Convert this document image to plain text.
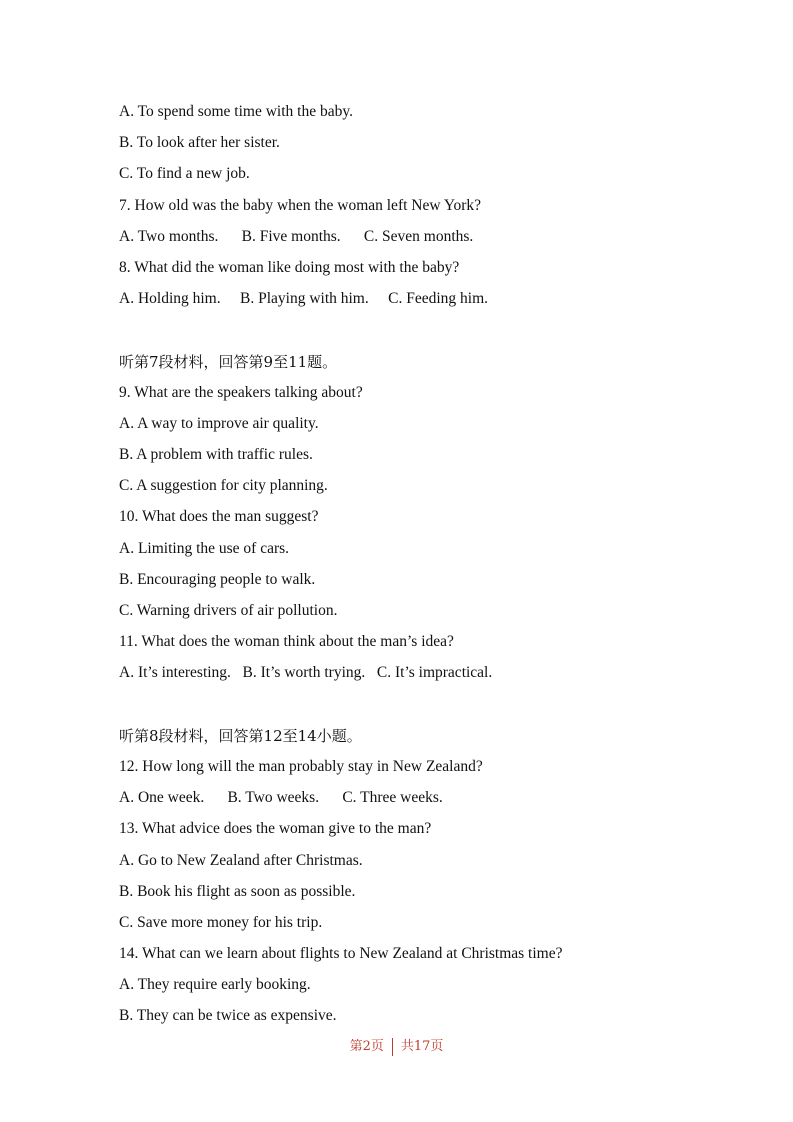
A. To spend some time with the baby.
B. To look after her sister.
C. To find a new job.
7. How old was the baby when the woman left New York?
A. Two months.      B. Five months.      C. Seven months.
8. What did the woman like doing most with the baby?
A. Holding him.     B. Playing with him.     C. Feeding him.
听第7段材料，回答第9至11题。
9. What are the speakers talking about?
A. A way to improve air quality.
B. A problem with traffic rules.
C. A suggestion for city planning.
10. What does the man suggest?
A. Limiting the use of cars.
B. Encouraging people to walk.
C. Warning drivers of air pollution.
11. What does the woman think about the man’s idea?
A. It’s interesting.   B. It’s worth trying.   C. It’s impractical.
听第8段材料，回答第12至14小题。
12. How long will the man probably stay in New Zealand?
A. One week.      B. Two weeks.      C. Three weeks.
13. What advice does the woman give to the man?
A. Go to New Zealand after Christmas.
B. Book his flight as soon as possible.
C. Save more money for his trip.
14. What can we learn about flights to New Zealand at Christmas time?
A. They require early booking.
B. They can be twice as expensive.
第2页 共17页
